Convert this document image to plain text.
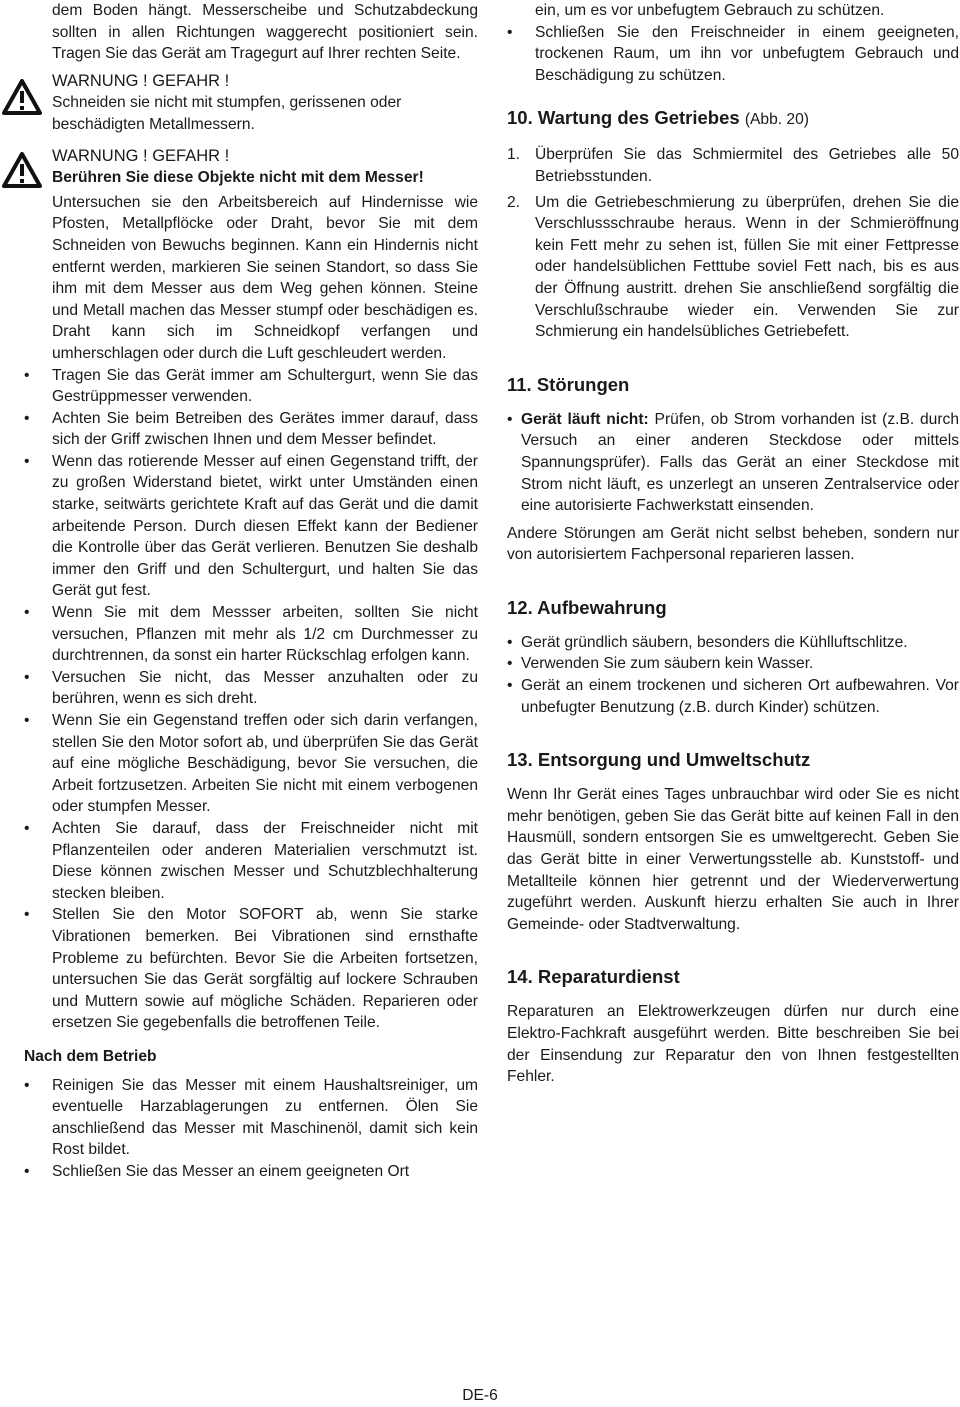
dem Boden hängt. Messerscheibe und Schutzabdeckung sollten in allen Richtungen waggerecht positioniert sein. Tragen Sie das Gerät am Tragegurt auf Ihrer rechten Seite.

WARNUNG ! GEFAHR !

Schneiden sie nicht mit stumpfen, gerissenen oder beschädigten Metallmessern.

WARNUNG ! GEFAHR !

Berühren Sie diese Objekte nicht mit dem Messer!

Untersuchen sie den Arbeitsbereich auf Hindernisse wie Pfosten, Metallpflöcke oder Draht, bevor Sie mit dem Schneiden von Bewuchs beginnen. Kann ein Hindernis nicht entfernt werden, markieren Sie seinen Standort, so dass Sie ihm mit dem Messer aus dem Weg gehen können. Steine und Metall machen das Messer stumpf oder beschädigen es. Draht kann sich im Schneidkopf verfangen und umherschlagen oder durch die Luft geschleudert werden.

• Tragen Sie das Gerät immer am Schultergurt, wenn Sie das Gestrüppmesser verwenden.
• Achten Sie beim Betreiben des Gerätes immer darauf, dass sich der Griff zwischen Ihnen und dem Messer befindet.
• Wenn das rotierende Messer auf einen Gegenstand trifft, der zu großen Widerstand bietet, wirkt unter Umständen einen starke, seitwärts gerichtete Kraft auf das Gerät und die damit arbeitende Person. Durch diesen Effekt kann der Bediener die Kontrolle über das Gerät verlieren. Benutzen Sie deshalb immer den Griff und den Schultergurt, und halten Sie das Gerät gut fest.
• Wenn Sie mit dem Messser arbeiten, sollten Sie nicht versuchen, Pflanzen mit mehr als 1/2 cm Durchmesser zu durchtrennen, da sonst ein harter Rückschlag erfolgen kann.
• Versuchen Sie nicht, das Messer anzuhalten oder zu berühren, wenn es sich dreht.
• Wenn Sie ein Gegenstand treffen oder sich darin verfangen, stellen Sie den Motor sofort ab, und überprüfen Sie das Gerät auf eine mögliche Beschädigung, bevor Sie versuchen, die Arbeit fortzusetzen. Arbeiten Sie nicht mit einem verbogenen oder stumpfen Messer.
• Achten Sie darauf, dass der Freischneider nicht mit Pflanzenteilen oder anderen Materialien verschmutzt ist. Diese können zwischen Messer und Schutzblechhalterung stecken bleiben.
• Stellen Sie den Motor SOFORT ab, wenn Sie starke Vibrationen bemerken. Bei Vibrationen sind ernsthafte Probleme zu befürchten. Bevor Sie die Arbeiten fortsetzen, untersuchen Sie das Gerät sorgfältig auf lockere Schrauben und Muttern sowie auf mögliche Schäden. Reparieren oder ersetzen Sie gegebenfalls die betroffenen Teile.

Nach dem Betrieb

• Reinigen Sie das Messer mit einem Haushaltsreiniger, um eventuelle Harzablagerungen zu entfernen. Ölen Sie anschließend das Messer mit Maschinenöl, damit sich kein Rost bildet.
• Schließen Sie das Messer an einem geeigneten Ort

ein, um es vor unbefugtem Gebrauch zu schützen.

• Schließen Sie den Freischneider in einem geeigneten, trockenen Raum, um ihn vor unbefugtem Gebrauch und Beschädigung zu schützen.
10. Wartung des Getriebes (Abb. 20)
1. Überprüfen Sie das Schmiermitel des Getriebes alle 50 Betriebsstunden.
2. Um die Getriebeschmierung zu überprüfen, drehen Sie die Verschlussschraube heraus. Wenn in der Schmieröffnung kein Fett mehr zu sehen ist, füllen Sie mit einer Fettpresse oder handelsüblichen Fetttube soviel Fett nach, bis es aus der Öffnung austritt. drehen Sie anschließend sorgfältig die Verschlußschraube wieder ein. Verwenden Sie zur Schmierung ein handelsübliches Getriebefett.
11. Störungen
• Gerät läuft nicht: Prüfen, ob Strom vorhanden ist (z.B. durch Versuch an einer anderen Steckdose oder mittels Spannungsprüfer). Falls das Gerät an einer Steckdose mit Strom nicht läuft, es unzerlegt an unseren Zentralservice oder eine autorisierte Fachwerkstatt einsenden.

Andere Störungen am Gerät nicht selbst beheben, sondern nur von autorisiertem Fachpersonal reparieren lassen.

12. Aufbewahrung
• Gerät gründlich säubern, besonders die Kühlluftschlitze.
• Verwenden Sie zum säubern kein Wasser.
• Gerät an einem trockenen und sicheren Ort aufbewahren. Vor unbefugter Benutzung (z.B. durch Kinder) schützen.
13. Entsorgung und Umweltschutz

Wenn Ihr Gerät eines Tages unbrauchbar wird oder Sie es nicht mehr benötigen, geben Sie das Gerät bitte auf keinen Fall in den Hausmüll, sondern entsorgen Sie es umweltgerecht. Geben Sie das Gerät bitte in einer Verwertungsstelle ab. Kunststoff- und Metallteile können hier getrennt und der Wiederverwertung zugeführt werden. Auskunft hierzu erhalten Sie auch in Ihrer Gemeinde- oder Stadtverwaltung.

14. Reparaturdienst

Reparaturen an Elektrowerkzeugen dürfen nur durch eine Elektro-Fachkraft ausgeführt werden. Bitte beschreiben Sie bei der Einsendung zur Reparatur den von Ihnen festgestellten Fehler.

DE-6
